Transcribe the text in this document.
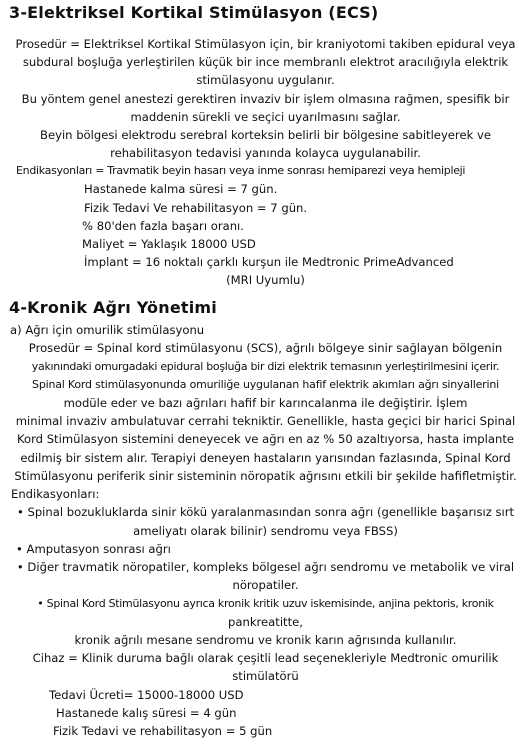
3-Elektriksel Kortikal Stimülasyon (ECS)

Prosedür = Elektriksel Kortikal Stimülasyon için, bir kraniyotomi takiben epidural veya

subdural boşluğa yerleştirilen küçük bir ince membranlı elektrot aracılığıyla elektrik

stimülasyonu uygulanır.

Bu yöntem genel anestezi gerektiren invaziv bir işlem olmasına rağmen, spesifik bir

maddenin sürekli ve seçici uyarılmasını sağlar.

Beyin bölgesi elektrodu serebral korteksin belirli bir bölgesine sabitleyerek ve

rehabilitasyon tedavisi yanında kolayca uygulanabilir.

Endikasyonları = Travmatik beyin hasarı veya inme sonrası hemiparezi veya hemipleji

Hastanede kalma süresi = 7 gün.

Fizik Tedavi Ve rehabilitasyon = 7 gün.

% 80'den fazla başarı oranı.

Maliyet = Yaklaşık 18000 USD

İmplant = 16 noktalı çarklı kurşun ile Medtronic PrimeAdvanced

(MRI Uyumlu)

4-Kronik Ağrı Yönetimi

a) Ağrı için omurilik stimülasyonu

Prosedür = Spinal kord stimülasyonu (SCS), ağrılı bölgeye sinir sağlayan bölgenin

yakınındaki omurgadaki epidural boşluğa bir dizi elektrik temasının yerleştirilmesini içerir.

Spinal Kord stimülasyonunda omuriliğe uygulanan hafif elektrik akımları ağrı sinyallerini

modüle eder ve bazı ağrıları hafif bir karıncalanma ile değiştirir. İşlem

minimal invaziv ambulatuvar cerrahi tekniktir. Genellikle, hasta geçici bir harici Spinal

Kord Stimülasyon sistemini deneyecek ve ağrı en az % 50 azaltıyorsa, hasta implante

edilmiş bir sistem alır. Terapiyi deneyen hastaların yarısından fazlasında, Spinal Kord

Stimülasyonu periferik sinir sisteminin nöropatik ağrısını etkili bir şekilde hafifletmiştir.

Endikasyonları:

• Spinal bozukluklarda sinir kökü yaralanmasından sonra ağrı (genellikle başarısız sırt

ameliyatı olarak bilinir) sendromu veya FBSS)

• Amputasyon sonrası ağrı

• Diğer travmatik nöropatiler, kompleks bölgesel ağrı sendromu ve metabolik ve viral

nöropatiler.

• Spinal Kord Stimülasyonu ayrıca kronik kritik uzuv iskemisinde, anjina pektoris, kronik

pankreatitte,

kronik ağrılı mesane sendromu ve kronik karın ağrısında kullanılır.

Cihaz = Klinik duruma bağlı olarak çeşitli lead seçenekleriyle Medtronic omurilik

stimülatörü

Tedavi Ücreti= 15000-18000 USD

Hastanede kalış süresi = 4 gün

Fizik Tedavi ve rehabilitasyon = 5 gün
